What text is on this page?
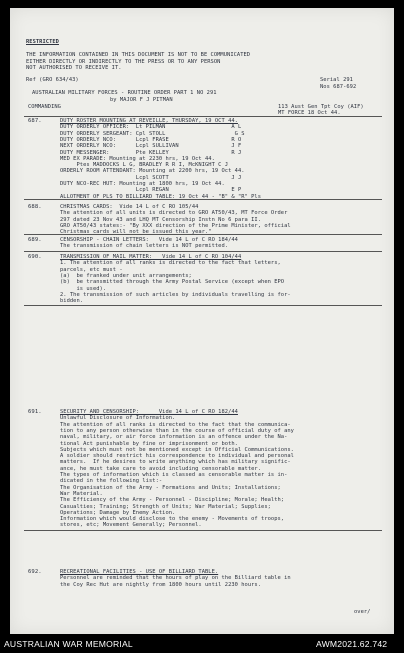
RESTRICTED
THE INFORMATION CONTAINED IN THIS DOCUMENT IS NOT TO BE COMMUNICATED
EITHER DIRECTLY OR INDIRECTLY TO THE PRESS OR TO ANY PERSON
NOT AUTHORISED TO RECEIVE IT.
Ref (GRO 634/43)	Serial 291
Nos 687-692
AUSTRALIAN MILITARY FORCES - ROUTINE ORDER PART 1 NO 291
by MAJOR F J PITMAN
COMMANDING	113 Aust Gen Tpt Coy (AIF)
MT FORCE 18 Oct 44.
687.	DUTY ROSTER MOUNTING AT REVEILLE, THURSDAY, 19 OCT 44.
DUTY ORDERLY OFFICER:  Lt PILMAN                    A L
DUTY ORDERLY SERGEANT: Cpl STOLL                     G S
DUTY ORDERLY NCO:      Lcpl FRASE                   R O
NEXT ORDERLY NCO:      Lcpl SULLIVAN                J F
DUTY MESSENGER:        Pte KELLEY                   R J
MED EX PARADE: Mounting at 2230 hrs, 19 Oct 44.
Ptes MADDOCKS L G, BRADLEY R R I, McKNIGHT C J
ORDERLY ROOM ATTENDANT: Mounting at 2200 hrs, 19 Oct 44.
Lcpl SCOTT                   J J
DUTY NCO-REC HUT: Mounting at 1800 hrs, 19 Oct 44.
Lcpl REGAN                   E P
ALLOTMENT OF PLS TO BILLIARD TABLE: 19 Oct 44 - "B" & "R" Pls
688.	CHRISTMAS CARDS:  Vide 14 L of C RO 105/44
The attention of all units is directed to GRO AT50/43, MT Force Order
297 dated 23 Nov 43 and LHQ MT Censorship Instn No 6 para II.
GRO AT50/43 states:- "By XXX direction of the Prime Minister, official
Christmas cards will not be issued this year."
689.	CENSORSHIP - CHAIN LETTERS:   Vide 14 L of C RO 184/44
The transmission of chain letters is NOT permitted.
690.	TRANSMISSION OF MAIL MATTER:   Vide 14 L of C RO 104/44
1. The attention of all ranks is directed to the fact that letters,
parcels, etc must -
(a)  be franked under unit arrangements;
(b)  be transmitted through the Army Postal Service (except when EPO
is used).
2. The transmission of such articles by individuals travelling is for-
bidden.
691.	SECURITY AND CENSORSHIP:      Vide 14 L of C RO 182/44
Unlawful Disclosure of Information.
The attention of all ranks is directed to the fact that the communica-
tion to any person otherwise than in the course of official duty of any
naval, military, or air force information is an offence under the Na-
tional Act punishable by fine or imprisonment or both.
Subjects which must not be mentioned except in Official Communications.
A soldier should restrict his correspondence to individual and personal
matters.  If he desires to write anything which has military signific-
ance, he must take care to avoid including censorable matter.
The types of information which is classed as censorable matter is in-
dicated in the following list:-
The Organisation of the Army - Formations and Units; Installations;
War Material.
The Efficiency of the Army - Personnel - Discipline; Morale; Health;
Casualties; Training; Strength of Units; War Material; Supplies;
Operations; Damage by Enemy Action.
Information which would disclose to the enemy - Movements of troops,
stores, etc; Movement Generally; Personnel.
692.	RECREATIONAL FACILITIES - USE OF BILLIARD TABLE.
Personnel are reminded that the hours of play on the Billiard table in
the Coy Rec Hut are nightly from 1800 hours until 2230 hours.
over/
AUSTRALIAN WAR MEMORIAL	AWM2021.62.742
